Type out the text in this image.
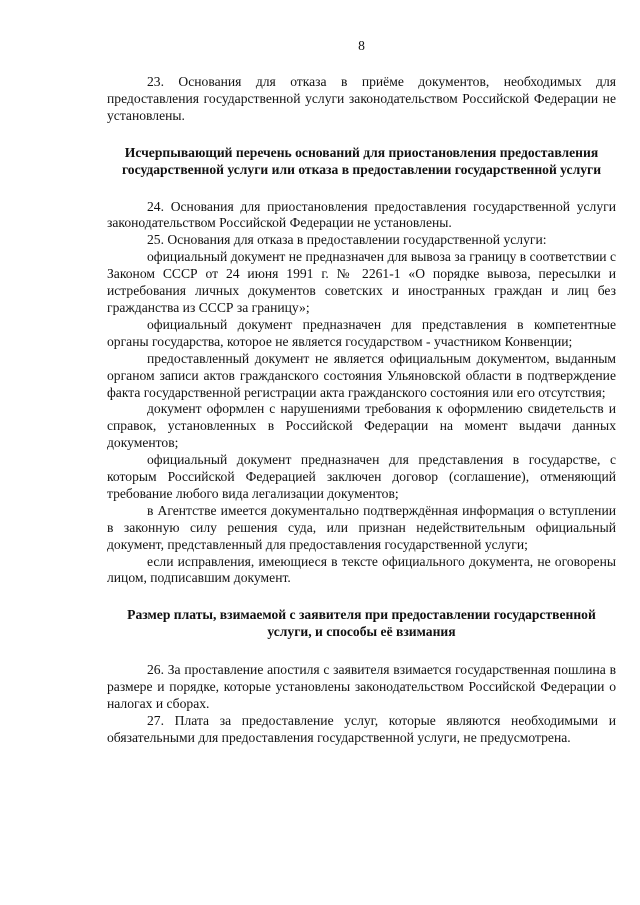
8

23. Основания для отказа в приёме документов, необходимых для предоставления государственной услуги законодательством Российской Федерации не установлены.

Исчерпывающий перечень оснований для приостановления предоставления государственной услуги или отказа в предоставлении государственной услуги

24. Основания для приостановления предоставления государственной услуги законодательством Российской Федерации не установлены.

25. Основания для отказа в предоставлении государственной услуги:

официальный документ не предназначен для вывоза за границу в соответствии с Законом СССР от 24 июня 1991 г. № 2261-1 «О порядке вывоза, пересылки и истребования личных документов советских и иностранных граждан и лиц без гражданства из СССР за границу»;

официальный документ предназначен для представления в компетентные органы государства, которое не является государством - участником Конвенции;

предоставленный документ не является официальным документом, выданным органом записи актов гражданского состояния Ульяновской области в подтверждение факта государственной регистрации акта гражданского состояния или его отсутствия;

документ оформлен с нарушениями требования к оформлению свидетельств и справок, установленных в Российской Федерации на момент выдачи данных документов;

официальный документ предназначен для представления в государстве, с которым Российской Федерацией заключен договор (соглашение), отменяющий требование любого вида легализации документов;

в Агентстве имеется документально подтверждённая информация о вступлении в законную силу решения суда, или признан недействительным официальный документ, представленный для предоставления государственной услуги;

если исправления, имеющиеся в тексте официального документа, не оговорены лицом, подписавшим документ.

Размер платы, взимаемой с заявителя при предоставлении государственной услуги, и способы её взимания

26. За проставление апостиля с заявителя взимается государственная пошлина в размере и порядке, которые установлены законодательством Российской Федерации о налогах и сборах.

27. Плата за предоставление услуг, которые являются необходимыми и обязательными для предоставления государственной услуги, не предусмотрена.
